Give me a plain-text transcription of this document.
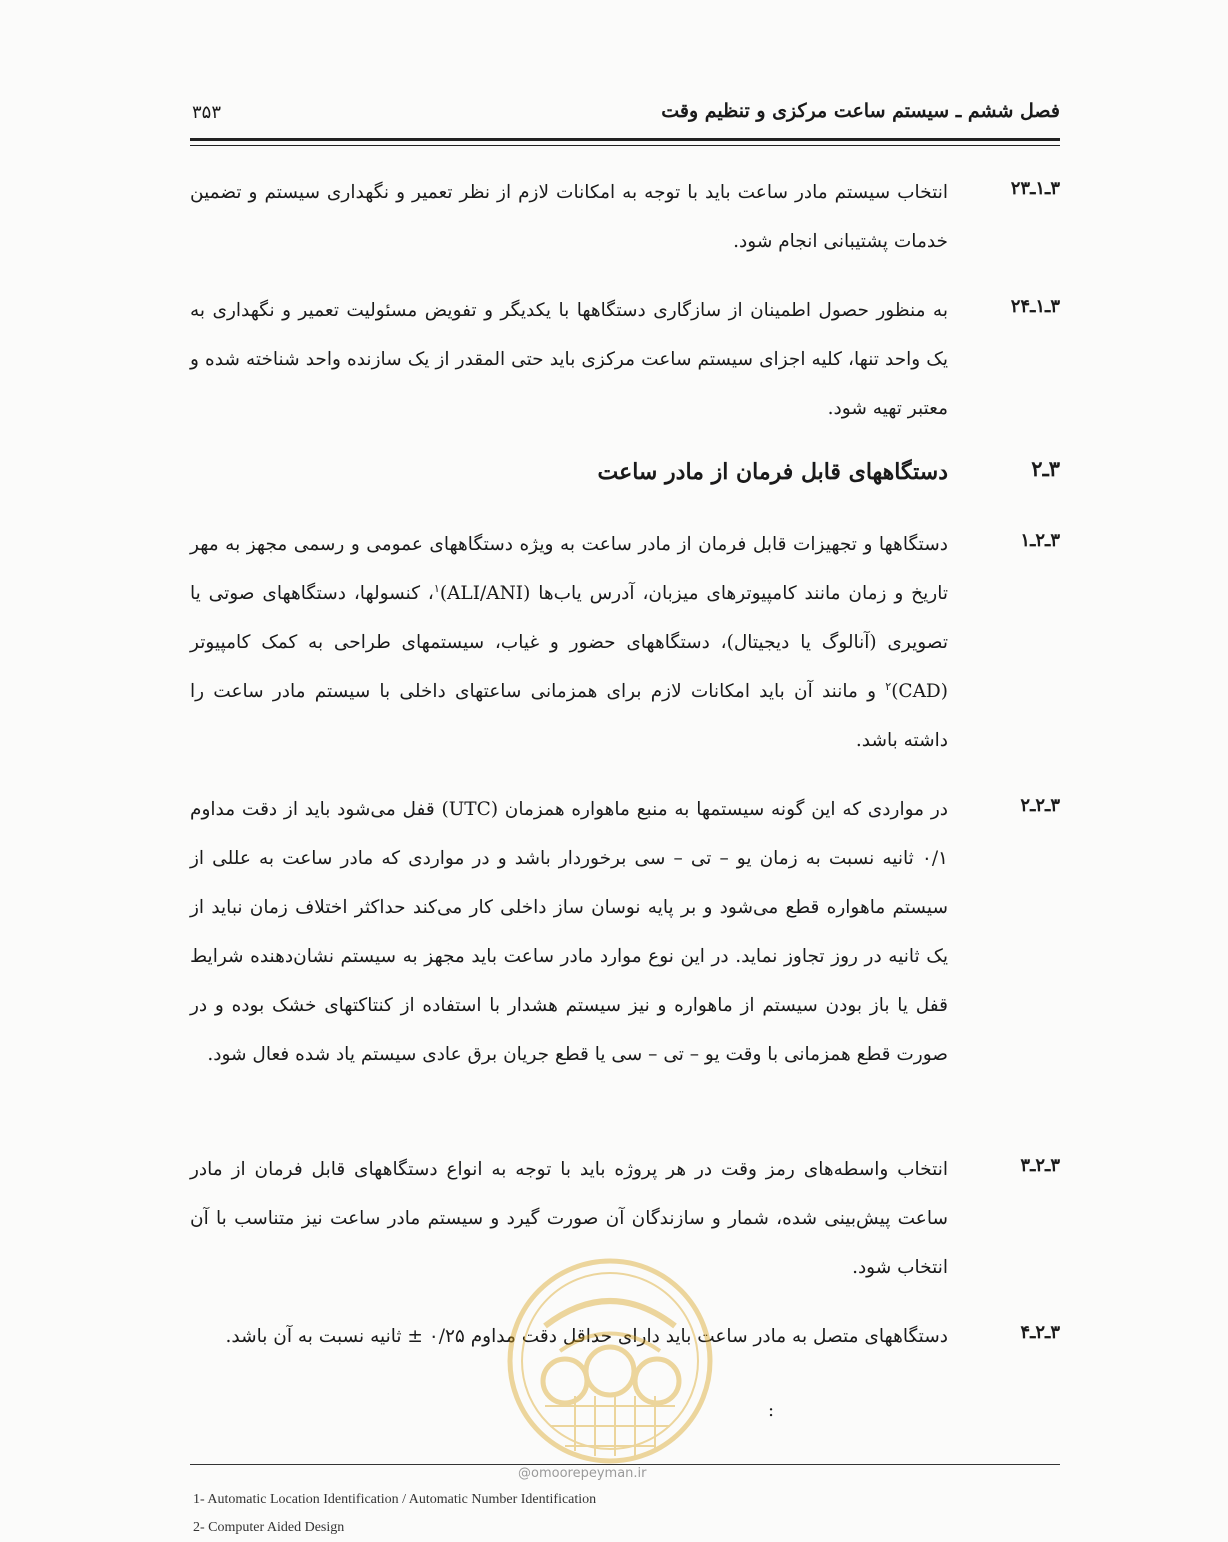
فصل ششم ـ سیستم ساعت مرکزی و تنظیم وقت
۳۵۳
۳ـ۱ـ۲۳

انتخاب سیستم مادر ساعت باید با توجه به امکانات لازم از نظر تعمیر و نگهداری سیستم و تضمین خدمات پشتیبانی انجام شود.

۳ـ۱ـ۲۴

به منظور حصول اطمینان از سازگاری دستگاهها با یکدیگر و تفویض مسئولیت تعمیر و نگهداری به یک واحد تنها، کلیه اجزای سیستم ساعت مرکزی باید حتی المقدر از یک سازنده واحد شناخته شده و معتبر تهیه شود.

۳ـ۲
دستگاههای قابل فرمان از مادر ساعت
۳ـ۲ـ۱

دستگاهها و تجهیزات قابل فرمان از مادر ساعت به ویژه دستگاههای عمومی و رسمی مجهز به مهر تاریخ و زمان مانند کامپیوترهای میزبان، آدرس یاب‌ها $(ALI/ANI)^۱،$ کنسولها، دستگاههای صوتی یا تصویری (آنالوگ یا دیجیتال)، دستگاههای حضور و غیاب، سیستمهای طراحی به کمک کامپیوتر (CAD)$^۲$ و مانند آن باید امکانات لازم برای همزمانی ساعتهای داخلی با سیستم مادر ساعت را داشته باشد.

۳ـ۲ـ۲

در مواردی که این گونه سیستمها به منبع ماهواره همزمان (UTC) قفل می‌شود باید از دقت مداوم ۰/۱ ثانیه نسبت به زمان یو – تی – سی برخوردار باشد و در مواردی که مادر ساعت به عللی از سیستم ماهواره قطع می‌شود و بر پایه نوسان ساز داخلی کار می‌کند حداکثر اختلاف زمان نباید از یک ثانیه در روز تجاوز نماید. در این نوع موارد مادر ساعت باید مجهز به سیستم نشان‌دهنده شرایط قفل یا باز بودن سیستم از ماهواره و نیز سیستم هشدار با استفاده از کنتاکتهای خشک بوده و در صورت قطع همزمانی با وقت یو – تی – سی یا قطع جریان برق عادی سیستم یاد شده فعال شود.

۳ـ۲ـ۳

انتخاب واسطه‌های رمز وقت در هر پروژه باید با توجه به انواع دستگاههای قابل فرمان از مادر ساعت پیش‌بینی شده، شمار و سازندگان آن صورت گیرد و سیستم مادر ساعت نیز متناسب با آن انتخاب شود.

۳ـ۲ـ۴

دستگاههای متصل به مادر ساعت باید دارای حداقل دقت مداوم ۰/۲۵ ± ثانیه نسبت به آن باشد.

:
@omoorepeyman.ir
1- Automatic Location Identification / Automatic Number Identification
2- Computer Aided Design
